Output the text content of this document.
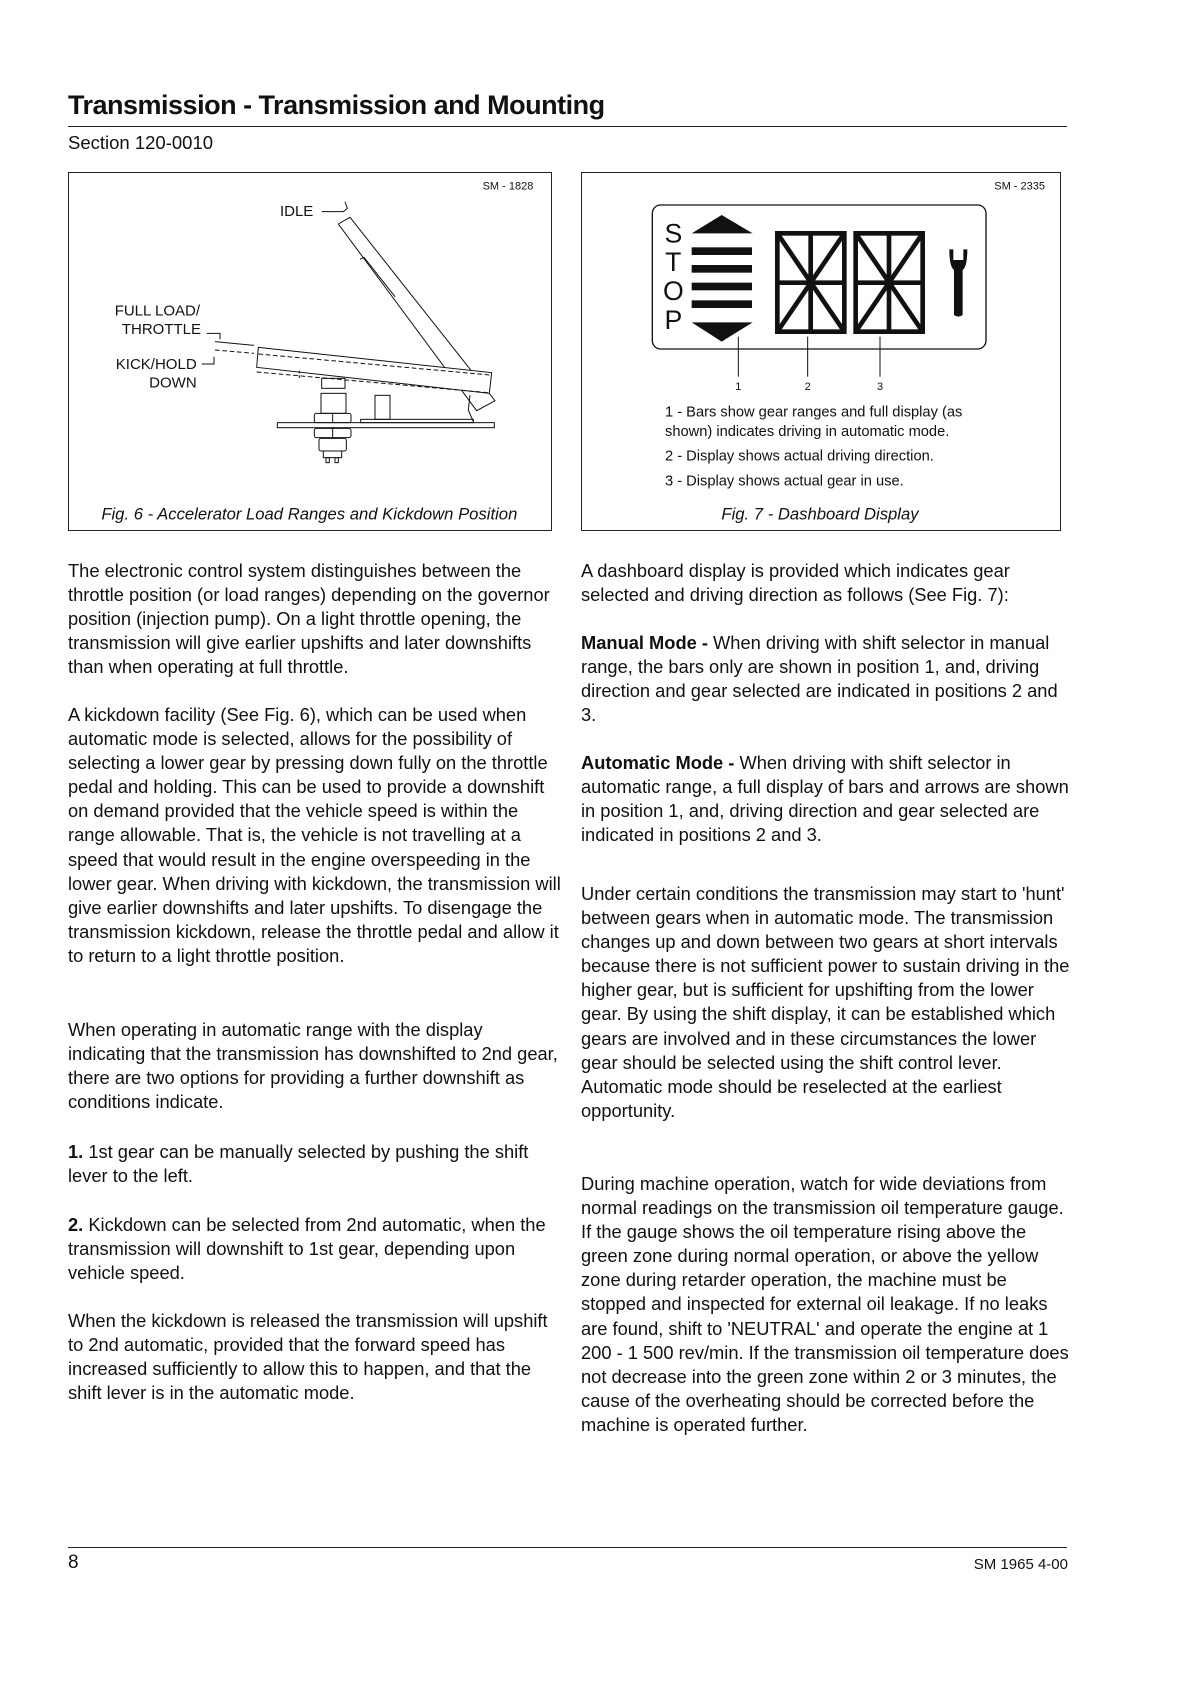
Transmission - Transmission and Mounting
Section 120-0010
SM - 1828
IDLE
FULL LOAD/
THROTTLE
KICK/HOLD
DOWN
Fig. 6 - Accelerator Load Ranges and Kickdown Position
S
T
O
P
1 2 3
SM - 2335
1 - Bars show gear ranges and full display (as
shown) indicates driving in automatic mode.
2 - Display shows actual driving direction.
3 - Display shows actual gear in use.
Fig. 7 - Dashboard Display

The electronic control system distinguishes between the throttle position (or load ranges) depending on the governor position (injection pump). On a light throttle opening, the transmission will give earlier upshifts and later downshifts than when operating at full throttle.

A kickdown facility (See Fig. 6), which can be used when automatic mode is selected, allows for the possibility of selecting a lower gear by pressing down fully on the throttle pedal and holding. This can be used to provide a downshift on demand provided that the vehicle speed is within the range allowable. That is, the vehicle is not travelling at a speed that would result in the engine overspeeding in the lower gear. When driving with kickdown, the transmission will give earlier downshifts and later upshifts. To disengage the transmission kickdown, release the throttle pedal and allow it to return to a light throttle position.

When operating in automatic range with the display indicating that the transmission has downshifted to 2nd gear, there are two options for providing a further downshift as conditions indicate.

1. 1st gear can be manually selected by pushing the shift lever to the left.

2. Kickdown can be selected from 2nd automatic, when the transmission will downshift to 1st gear, depending upon vehicle speed.

When the kickdown is released the transmission will upshift to 2nd automatic, provided that the forward speed has increased sufficiently to allow this to happen, and that the shift lever is in the automatic mode.

A dashboard display is provided which indicates gear selected and driving direction as follows (See Fig. 7):

Manual Mode - When driving with shift selector in manual range, the bars only are shown in position 1, and, driving direction and gear selected are indicated in positions 2 and 3.

Automatic Mode - When driving with shift selector in automatic range, a full display of bars and arrows are shown in position 1, and, driving direction and gear selected are indicated in positions 2 and 3.

Under certain conditions the transmission may start to 'hunt' between gears when in automatic mode. The transmission changes up and down between two gears at short intervals because there is not sufficient power to sustain driving in the higher gear, but is sufficient for upshifting from the lower gear. By using the shift display, it can be established which gears are involved and in these circumstances the lower gear should be selected using the shift control lever. Automatic mode should be reselected at the earliest opportunity.

During machine operation, watch for wide deviations from normal readings on the transmission oil temperature gauge. If the gauge shows the oil temperature rising above the green zone during normal operation, or above the yellow zone during retarder operation, the machine must be stopped and inspected for external oil leakage. If no leaks are found, shift to 'NEUTRAL' and operate the engine at 1 200 - 1 500 rev/min. If the transmission oil temperature does not decrease into the green zone within 2 or 3 minutes, the cause of the overheating should be corrected before the machine is operated further.

8	SM 1965 4-00
